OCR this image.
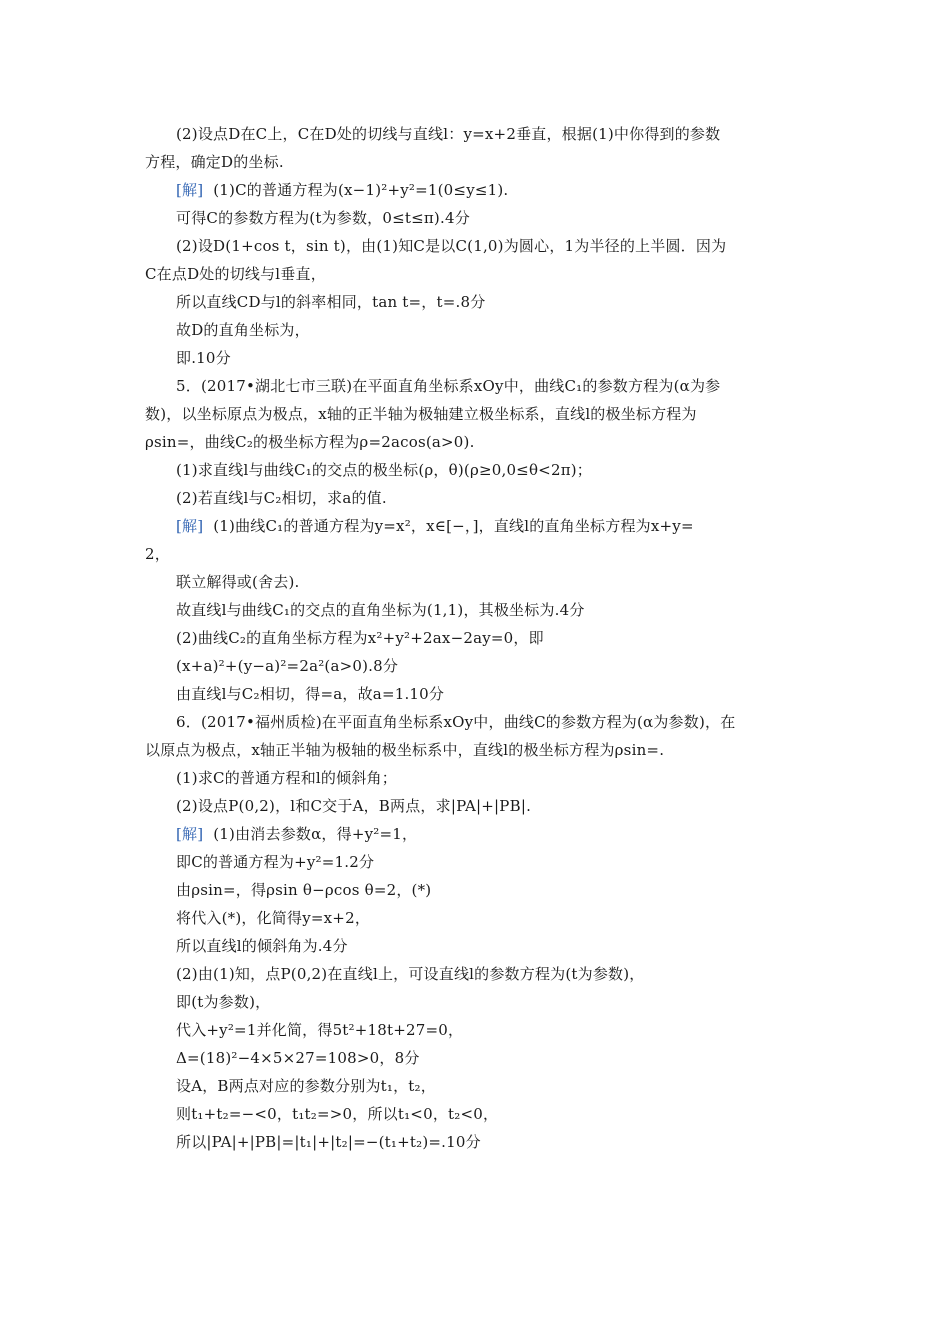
(2)设点D在C上，C在D处的切线与直线l：y=x+2垂直，根据(1)中你得到的参数
方程，确定D的坐标.
[解] (1)C的普通方程为(x−1)²+y²=1(0≤y≤1).
可得C的参数方程为(t为参数，0≤t≤π).4分
(2)设D(1+cos t，sin t)，由(1)知C是以C(1,0)为圆心，1为半径的上半圆．因为
C在点D处的切线与l垂直，
所以直线CD与l的斜率相同，tan t=，t=.8分
故D的直角坐标为，
即.10分
5．(2017•湖北七市三联)在平面直角坐标系xOy中，曲线C₁的参数方程为(α为参
数)，以坐标原点为极点，x轴的正半轴为极轴建立极坐标系，直线l的极坐标方程为
ρsin=，曲线C₂的极坐标方程为ρ=2acos(a>0).
(1)求直线l与曲线C₁的交点的极坐标(ρ，θ)(ρ≥0,0≤θ<2π)；
(2)若直线l与C₂相切，求a的值.
[解] (1)曲线C₁的普通方程为y=x²，x∈[−，]，直线l的直角坐标方程为x+y=
2，
联立解得或(舍去).
故直线l与曲线C₁的交点的直角坐标为(1,1)，其极坐标为.4分
(2)曲线C₂的直角坐标方程为x²+y²+2ax−2ay=0，即
(x+a)²+(y−a)²=2a²(a>0).8分
由直线l与C₂相切，得=a，故a=1.10分
6．(2017•福州质检)在平面直角坐标系xOy中，曲线C的参数方程为(α为参数)，在
以原点为极点，x轴正半轴为极轴的极坐标系中，直线l的极坐标方程为ρsin=.
(1)求C的普通方程和l的倾斜角；
(2)设点P(0,2)，l和C交于A，B两点，求|PA|+|PB|.
[解] (1)由消去参数α，得+y²=1，
即C的普通方程为+y²=1.2分
由ρsin=，得ρsin θ−ρcos θ=2，(*)
将代入(*)，化简得y=x+2，
所以直线l的倾斜角为.4分
(2)由(1)知，点P(0,2)在直线l上，可设直线l的参数方程为(t为参数)，
即(t为参数)，
代入+y²=1并化简，得5t²+18t+27=0，
Δ=(18)²−4×5×27=108>0，8分
设A，B两点对应的参数分别为t₁，t₂，
则t₁+t₂=−<0，t₁t₂=>0，所以t₁<0，t₂<0，
所以|PA|+|PB|=|t₁|+|t₂|=−(t₁+t₂)=.10分
